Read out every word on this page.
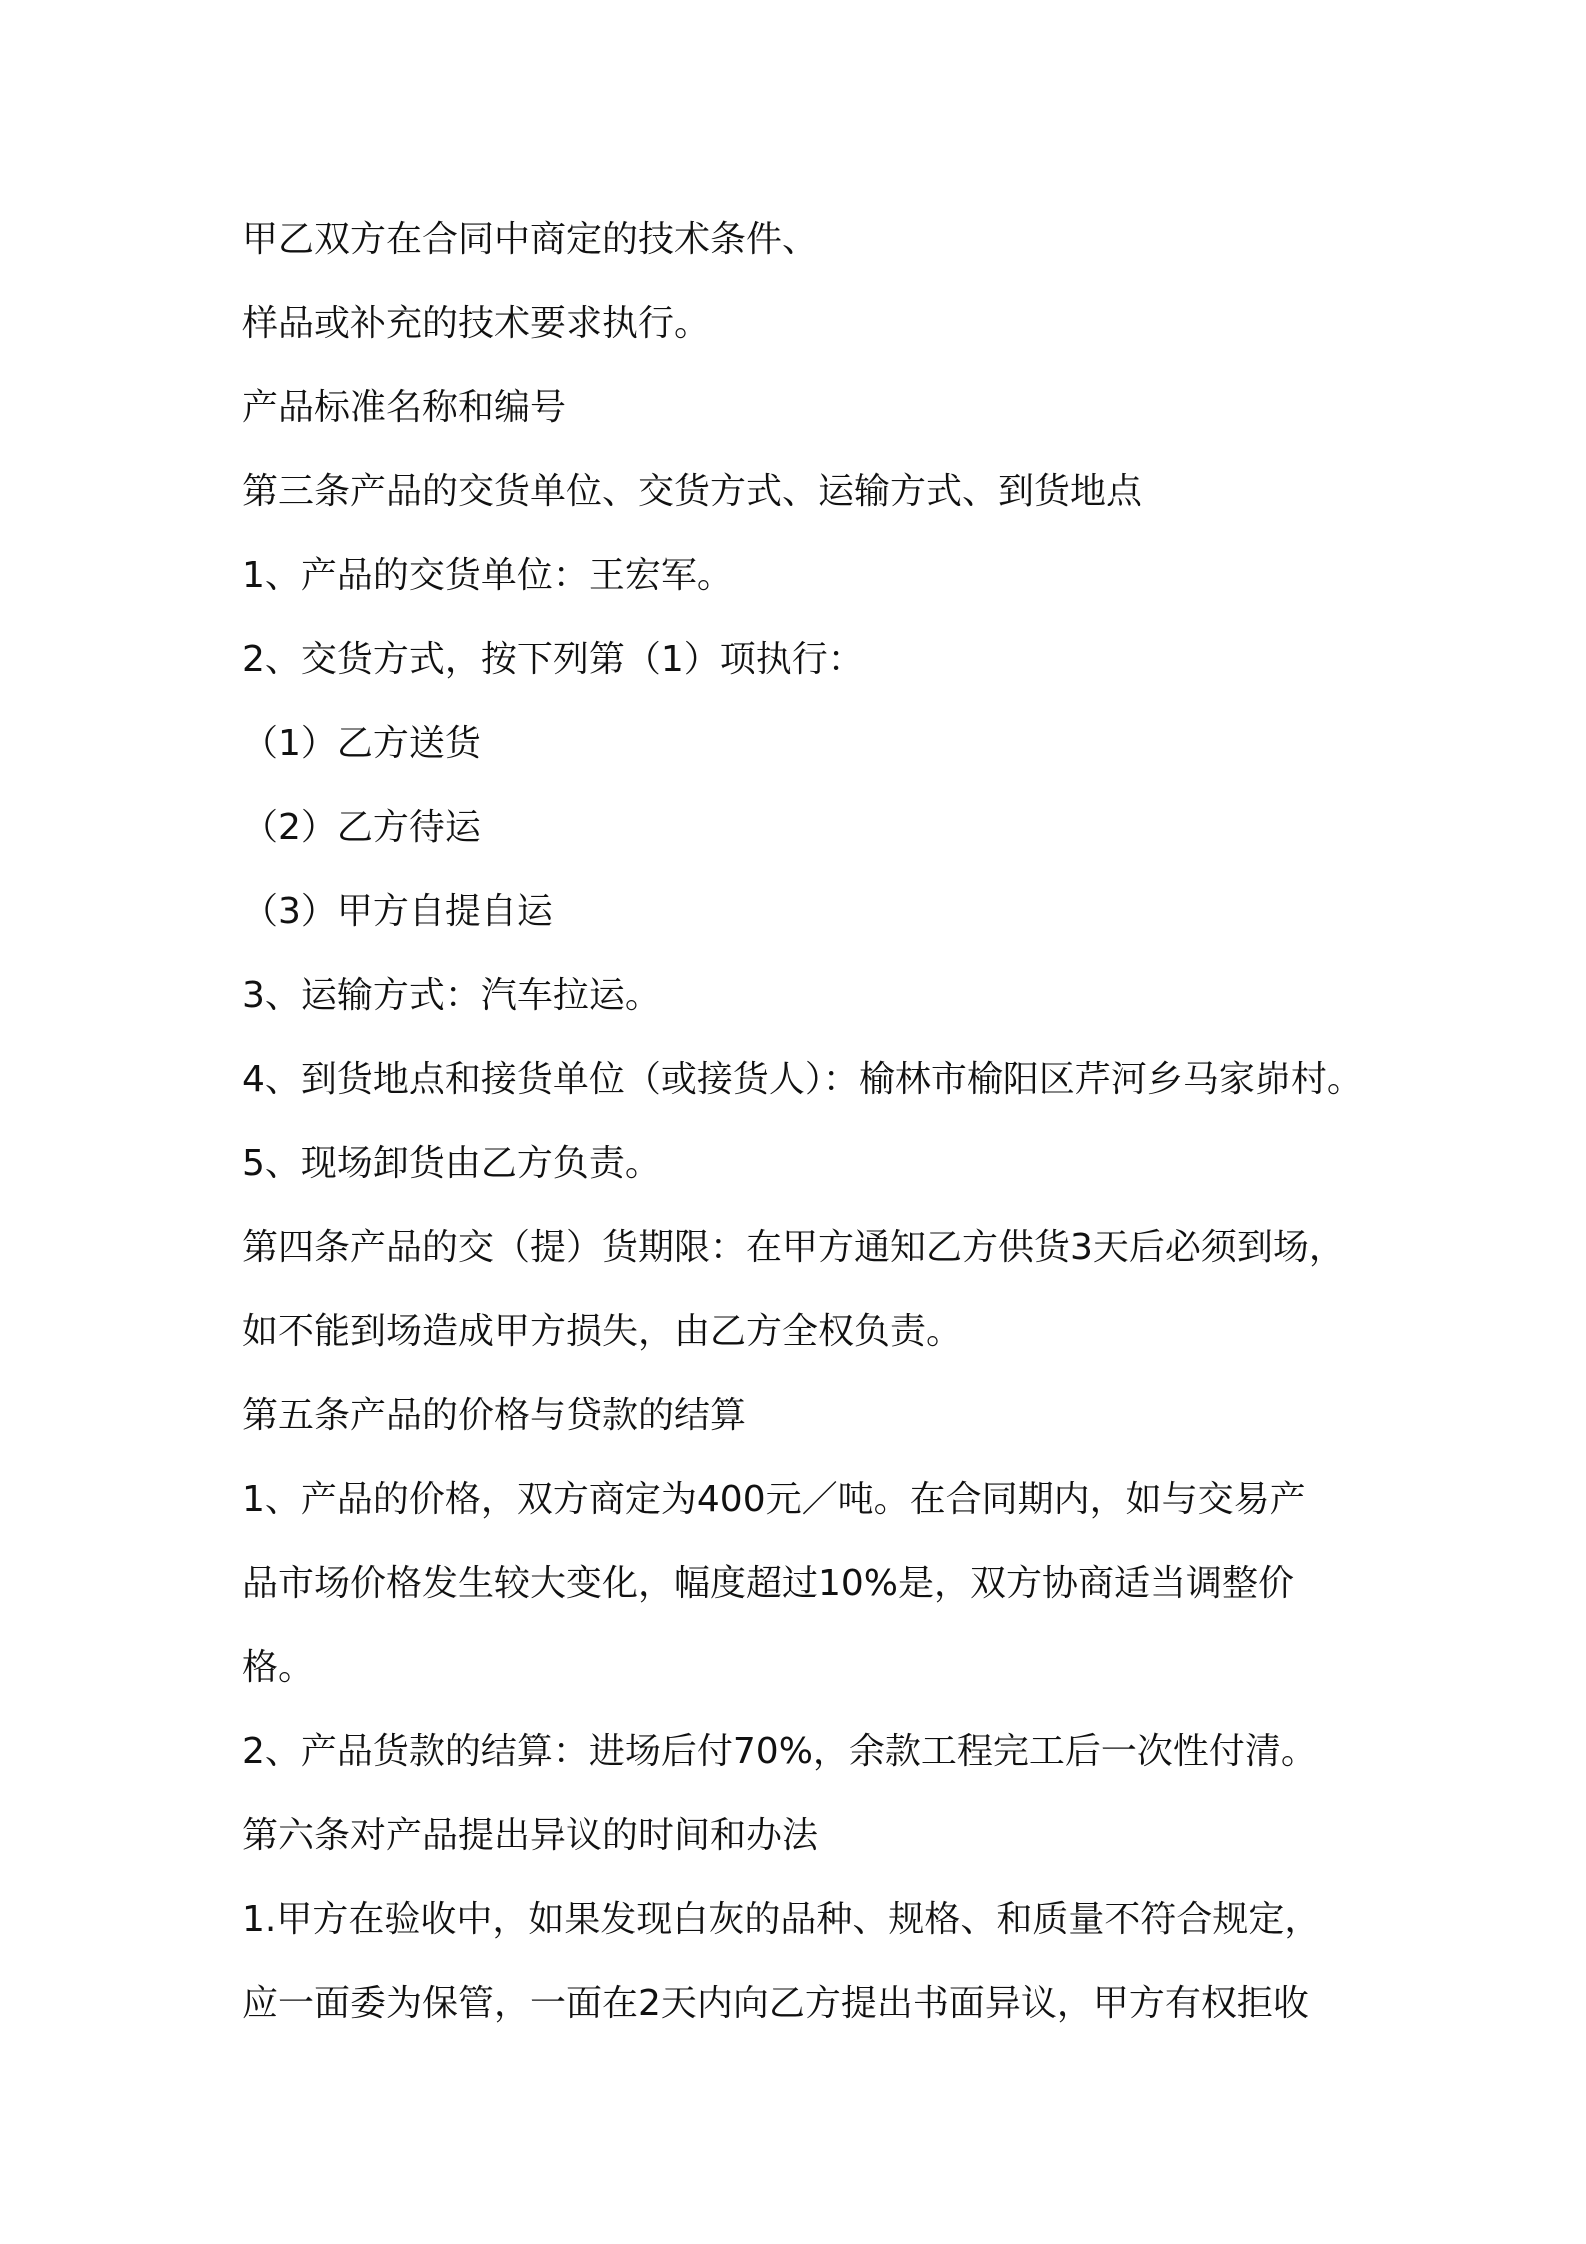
甲乙双方在合同中商定的技术条件、
样品或补充的技术要求执行。
产品标准名称和编号
第三条产品的交货单位、交货方式、运输方式、到货地点
1、产品的交货单位：王宏军。
2、交货方式，按下列第（1）项执行：
（1）乙方送货
（2）乙方待运
（3）甲方自提自运
3、运输方式：汽车拉运。
4、到货地点和接货单位（或接货人）：榆林市榆阳区芹河乡马家峁村。
5、现场卸货由乙方负责。
第四条产品的交（提）货期限：在甲方通知乙方供货3天后必须到场，
如不能到场造成甲方损失，由乙方全权负责。
第五条产品的价格与贷款的结算
1、产品的价格，双方商定为400元／吨。在合同期内，如与交易产
品市场价格发生较大变化，幅度超过10%是，双方协商适当调整价
格。
2、产品货款的结算：进场后付70%，余款工程完工后一次性付清。
第六条对产品提出异议的时间和办法
1.甲方在验收中，如果发现白灰的品种、规格、和质量不符合规定，
应一面委为保管，一面在2天内向乙方提出书面异议，甲方有权拒收
